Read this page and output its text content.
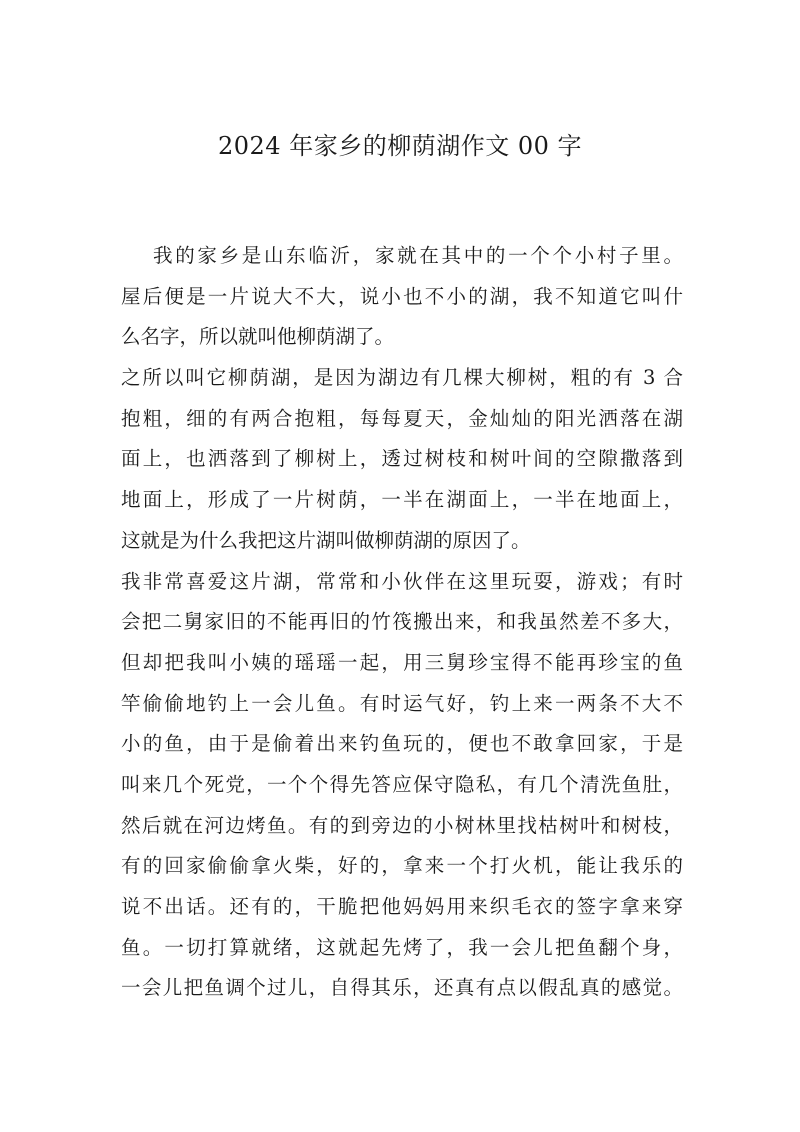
2024 年家乡的柳荫湖作文 00 字
我的家乡是山东临沂，家就在其中的一个个小村子里。
屋后便是一片说大不大，说小也不小的湖，我不知道它叫什
么名字，所以就叫他柳荫湖了。
之所以叫它柳荫湖，是因为湖边有几棵大柳树，粗的有 3 合
抱粗，细的有两合抱粗，每每夏天，金灿灿的阳光洒落在湖
面上，也洒落到了柳树上，透过树枝和树叶间的空隙撒落到
地面上，形成了一片树荫，一半在湖面上，一半在地面上，
这就是为什么我把这片湖叫做柳荫湖的原因了。
我非常喜爱这片湖，常常和小伙伴在这里玩耍，游戏；有时
会把二舅家旧的不能再旧的竹筏搬出来，和我虽然差不多大，
但却把我叫小姨的瑶瑶一起，用三舅珍宝得不能再珍宝的鱼
竿偷偷地钓上一会儿鱼。有时运气好，钓上来一两条不大不
小的鱼，由于是偷着出来钓鱼玩的，便也不敢拿回家，于是
叫来几个死党，一个个得先答应保守隐私，有几个清洗鱼肚，
然后就在河边烤鱼。有的到旁边的小树林里找枯树叶和树枝，
有的回家偷偷拿火柴，好的，拿来一个打火机，能让我乐的
说不出话。还有的，干脆把他妈妈用来织毛衣的签字拿来穿
鱼。一切打算就绪，这就起先烤了，我一会儿把鱼翻个身，
一会儿把鱼调个过儿，自得其乐，还真有点以假乱真的感觉。
